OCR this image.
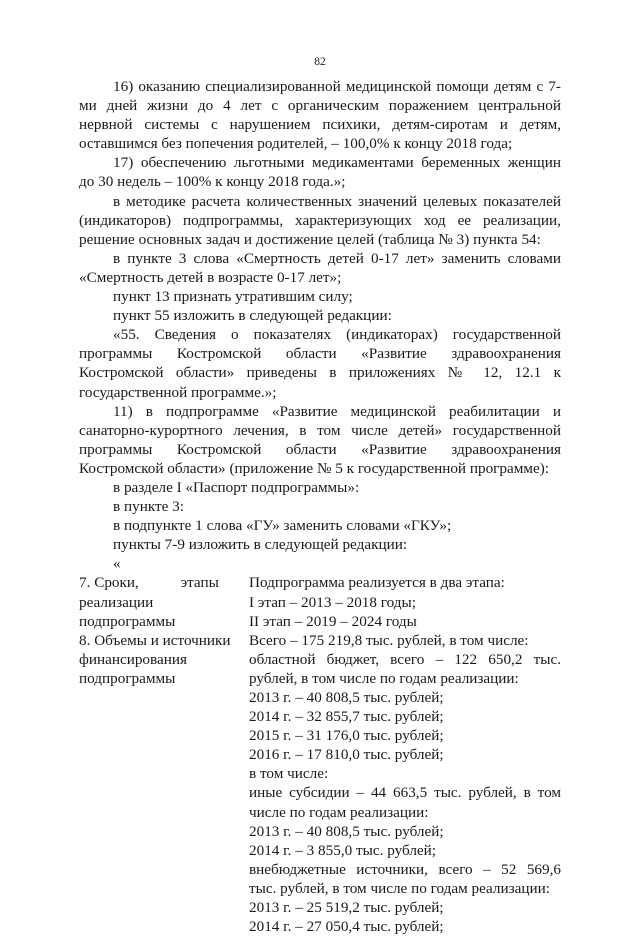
82

16) оказанию специализированной медицинской помощи детям с 7-ми дней жизни до 4 лет с органическим поражением центральной нервной системы с нарушением психики, детям-сиротам и детям, оставшимся без попечения родителей, – 100,0% к концу 2018 года;

17) обеспечению льготными медикаментами беременных женщин до 30 недель – 100% к концу 2018 года.»;

в методике расчета количественных значений целевых показателей (индикаторов) подпрограммы, характеризующих ход ее реализации, решение основных задач и достижение целей (таблица № 3) пункта 54:

в пункте 3 слова «Смертность детей 0-17 лет» заменить словами «Смертность детей в возрасте 0-17 лет»;

пункт 13 признать утратившим силу;

пункт 55 изложить в следующей редакции:

«55. Сведения о показателях (индикаторах) государственной программы Костромской области «Развитие здравоохранения Костромской области» приведены в приложениях № 12, 12.1 к государственной программе.»;

11) в подпрограмме «Развитие медицинской реабилитации и санаторно-курортного лечения, в том числе детей» государственной программы Костромской области «Развитие здравоохранения Костромской области» (приложение № 5 к государственной программе):

в разделе I «Паспорт подпрограммы»:

в пункте 3:

в подпункте 1 слова «ГУ» заменить словами «ГКУ»;

пункты 7-9 изложить в следующей редакции:

«

7. Сроки,           этапы
реализации
подпрограммы
Подпрограмма реализуется в два этапа:
I этап – 2013 – 2018 годы;
II этап – 2019 – 2024 годы
8. Объемы и источники
финансирования
подпрограммы
Всего – 175 219,8 тыс. рублей, в том числе:
областной бюджет, всего – 122 650,2 тыс.
рублей, в том числе по годам реализации:
2013 г. – 40 808,5 тыс. рублей;
2014 г. – 32 855,7 тыс. рублей;
2015 г. – 31 176,0 тыс. рублей;
2016 г. – 17 810,0 тыс. рублей;
в том числе:
иные субсидии – 44 663,5 тыс. рублей, в том
числе по годам реализации:
2013 г. – 40 808,5 тыс. рублей;
2014 г. – 3 855,0 тыс. рублей;
внебюджетные источники, всего – 52 569,6
тыс. рублей, в том числе по годам реализации:
2013 г. – 25 519,2 тыс. рублей;
2014 г. – 27 050,4 тыс. рублей;
